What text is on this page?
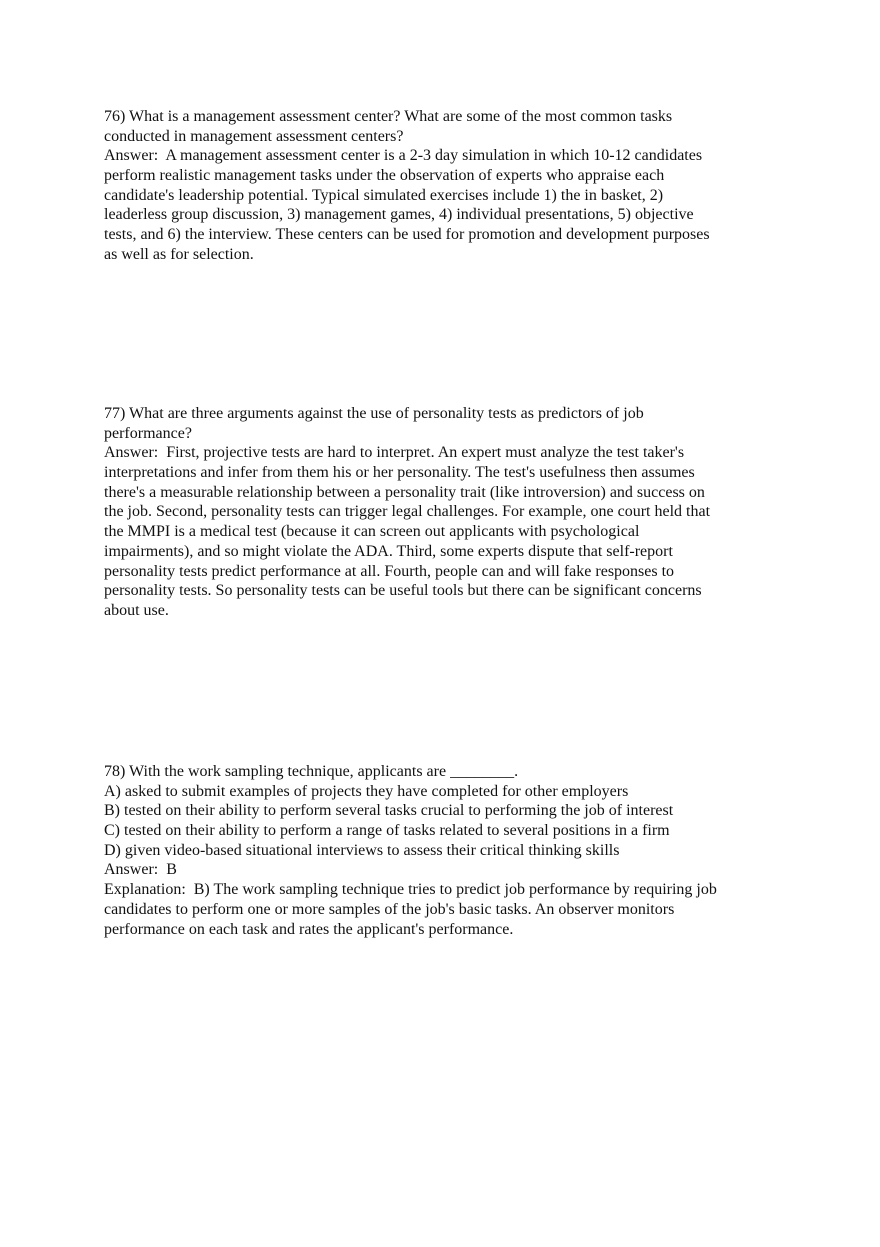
76) What is a management assessment center? What are some of the most common tasks
conducted in management assessment centers?
Answer:  A management assessment center is a 2-3 day simulation in which 10-12 candidates
perform realistic management tasks under the observation of experts who appraise each
candidate's leadership potential. Typical simulated exercises include 1) the in basket, 2)
leaderless group discussion, 3) management games, 4) individual presentations, 5) objective
tests, and 6) the interview. These centers can be used for promotion and development purposes
as well as for selection.
77) What are three arguments against the use of personality tests as predictors of job
performance?
Answer:  First, projective tests are hard to interpret. An expert must analyze the test taker's
interpretations and infer from them his or her personality. The test's usefulness then assumes
there's a measurable relationship between a personality trait (like introversion) and success on
the job. Second, personality tests can trigger legal challenges. For example, one court held that
the MMPI is a medical test (because it can screen out applicants with psychological
impairments), and so might violate the ADA. Third, some experts dispute that self-report
personality tests predict performance at all. Fourth, people can and will fake responses to
personality tests. So personality tests can be useful tools but there can be significant concerns
about use.
78) With the work sampling technique, applicants are ________.
A) asked to submit examples of projects they have completed for other employers
B) tested on their ability to perform several tasks crucial to performing the job of interest
C) tested on their ability to perform a range of tasks related to several positions in a firm
D) given video-based situational interviews to assess their critical thinking skills
Answer:  B
Explanation:  B) The work sampling technique tries to predict job performance by requiring job
candidates to perform one or more samples of the job's basic tasks. An observer monitors
performance on each task and rates the applicant's performance.
